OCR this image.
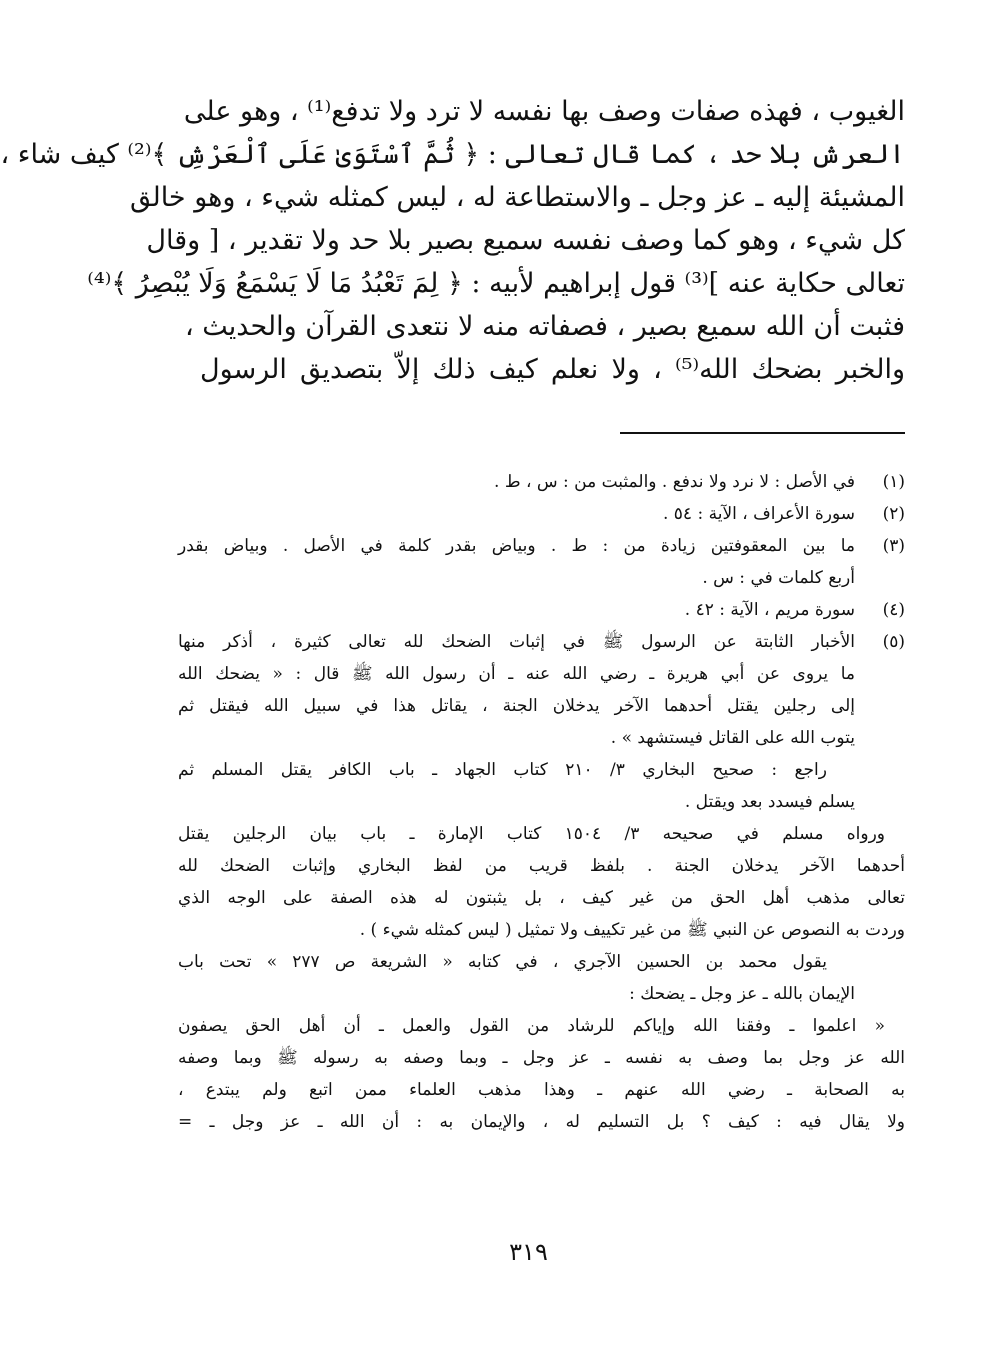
الغيوب ، فهذه صفات وصف بها نفسه لا ترد ولا تدفع⁽¹⁾ ، وهو على
العرش بلا حد ، كما قال تعالى : ﴿ ثُمَّ ٱسْتَوَىٰ عَلَى ٱلْعَرْشِ ﴾⁽²⁾ كيف شاء ،
المشيئة إليه ـ عز وجل ـ والاستطاعة له ، ليس كمثله شيء ، وهو خالق
كل شيء ، وهو كما وصف نفسه سميع بصير بلا حد ولا تقدير ، [ وقال
تعالى حكاية عنه ]⁽³⁾ قول إبراهيم لأبيه : ﴿ لِمَ تَعْبُدُ مَا لَا يَسْمَعُ وَلَا يُبْصِرُ ﴾⁽⁴⁾
فثبت أن الله سميع بصير ، فصفاته منه لا نتعدى القرآن والحديث ،
والخبر بضحك الله⁽⁵⁾ ، ولا نعلم كيف ذلك إلاّ بتصديق الرسول
(١)
في الأصل : لا نرد ولا ندفع . والمثبت من : س ، ط .
(٢)
سورة الأعراف ، الآية : ٥٤ .
(٣)
ما بين المعقوفتين زيادة من : ط . وبياض بقدر كلمة في الأصل . وبياض بقدر
أربع كلمات في : س .
(٤)
سورة مريم ، الآية : ٤٢ .
(٥)
الأخبار الثابتة عن الرسول ﷺ في إثبات الضحك لله تعالى كثيرة ، أذكر منها
ما يروى عن أبي هريرة ـ رضي الله عنه ـ أن رسول الله ﷺ قال : « يضحك الله
إلى رجلين يقتل أحدهما الآخر يدخلان الجنة ، يقاتل هذا في سبيل الله فيقتل ثم
يتوب الله على القاتل فيستشهد » .
راجع : صحيح البخاري ٣/ ٢١٠ كتاب الجهاد ـ باب الكافر يقتل المسلم ثم
يسلم فيسدد بعد ويقتل .
ورواه مسلم في صحيحه ٣/ ١٥٠٤ كتاب الإمارة ـ باب بيان الرجلين يقتل
أحدهما الآخر يدخلان الجنة . بلفظ قريب من لفظ البخاري وإثبات الضحك لله
تعالى مذهب أهل الحق من غير كيف ، بل يثبتون له هذه الصفة على الوجه الذي
وردت به النصوص عن النبي ﷺ من غير تكييف ولا تمثيل ( ليس كمثله شيء ) .
يقول محمد بن الحسين الآجري ، في كتابه « الشريعة ص ٢٧٧ » تحت باب
الإيمان بالله ـ عز وجل ـ يضحك :
« اعلموا ـ وفقنا الله وإياكم للرشاد من القول والعمل ـ أن أهل الحق يصفون
الله عز وجل بما وصف به نفسه ـ عز وجل ـ وبما وصفه به رسوله ﷺ وبما وصفه
به الصحابة ـ رضي الله عنهم ـ وهذا مذهب العلماء ممن اتبع ولم يبتدع ،
ولا يقال فيه : كيف ؟ بل التسليم له ، والإيمان به : أن الله ـ عز وجل ـ =
٣١٩
